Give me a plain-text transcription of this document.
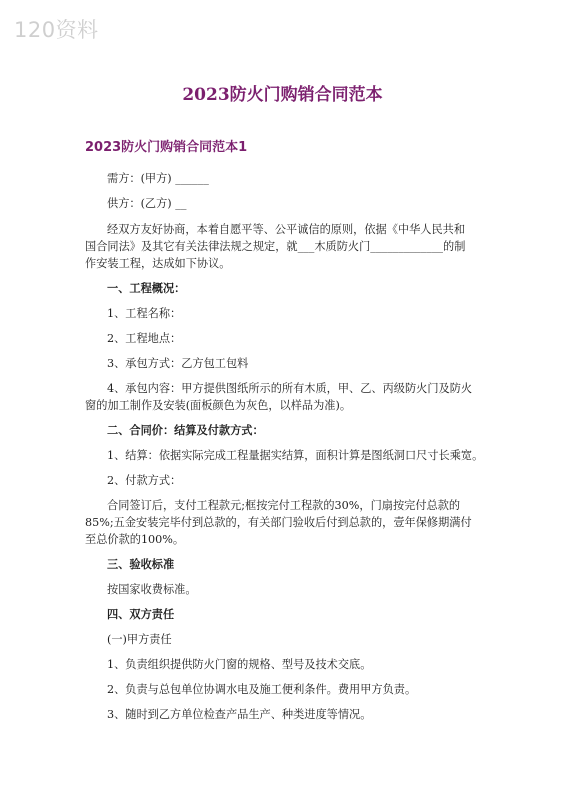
120资料
2023防火门购销合同范本
2023防火门购销合同范本1
需方：(甲方) ______
供方：(乙方) __
经双方友好协商，本着自愿平等、公平诚信的原则，依据《中华人民共和
国合同法》及其它有关法律法规之规定，就___木质防火门_____________的制
作安装工程，达成如下协议。
一、工程概况：
1、工程名称：
2、工程地点：
3、承包方式：乙方包工包料
4、承包内容：甲方提供图纸所示的所有木质，甲、乙、丙级防火门及防火
窗的加工制作及安装(面板颜色为灰色，以样品为准)。
二、合同价：结算及付款方式：
1、结算：依据实际完成工程量据实结算，面积计算是图纸洞口尺寸长乘宽。
2、付款方式：
合同签订后，支付工程款元;框按完付工程款的30%，门扇按完付总款的
85%;五金安装完毕付到总款的，有关部门验收后付到总款的，壹年保修期满付
至总价款的100%。
三、验收标准
按国家收费标准。
四、双方责任
(一)甲方责任
1、负责组织提供防火门窗的规格、型号及技术交底。
2、负责与总包单位协调水电及施工便利条件。费用甲方负责。
3、随时到乙方单位检查产品生产、种类进度等情况。
